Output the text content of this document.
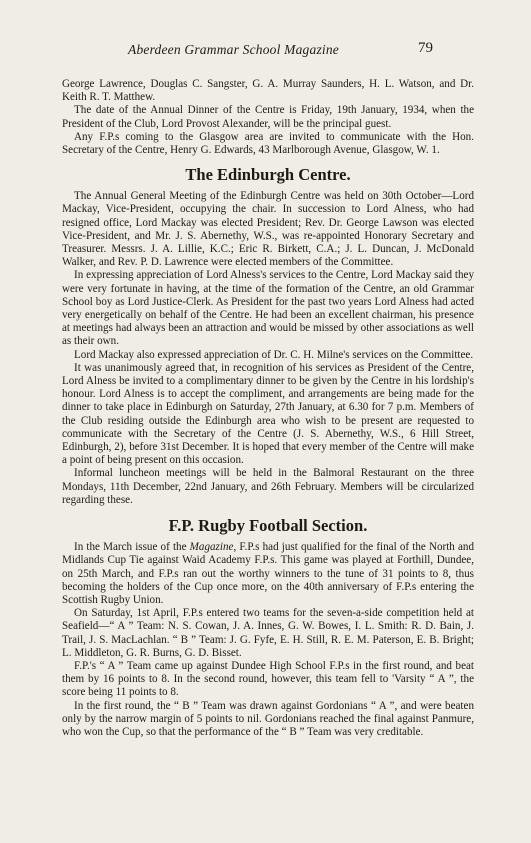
Aberdeen Grammar School Magazine	79

George Lawrence, Douglas C. Sangster, G. A. Murray Saunders, H. L. Watson, and Dr. Keith R. T. Matthew.

The date of the Annual Dinner of the Centre is Friday, 19th January, 1934, when the President of the Club, Lord Provost Alexander, will be the principal guest.

Any F.P.s coming to the Glasgow area are invited to communicate with the Hon. Secretary of the Centre, Henry G. Edwards, 43 Marlborough Avenue, Glasgow, W. 1.

The Edinburgh Centre.

The Annual General Meeting of the Edinburgh Centre was held on 30th October—Lord Mackay, Vice-President, occupying the chair. In succession to Lord Alness, who had resigned office, Lord Mackay was elected President; Rev. Dr. George Lawson was elected Vice-President, and Mr. J. S. Abernethy, W.S., was re-appointed Honorary Secretary and Treasurer. Messrs. J. A. Lillie, K.C.; Eric R. Birkett, C.A.; J. L. Duncan, J. McDonald Walker, and Rev. P. D. Lawrence were elected members of the Committee.

In expressing appreciation of Lord Alness's services to the Centre, Lord Mackay said they were very fortunate in having, at the time of the formation of the Centre, an old Grammar School boy as Lord Justice-Clerk. As President for the past two years Lord Alness had acted very energetically on behalf of the Centre. He had been an excellent chairman, his presence at meetings had always been an attraction and would be missed by other associations as well as their own.

Lord Mackay also expressed appreciation of Dr. C. H. Milne's services on the Committee.

It was unanimously agreed that, in recognition of his services as President of the Centre, Lord Alness be invited to a complimentary dinner to be given by the Centre in his lordship's honour. Lord Alness is to accept the compliment, and arrangements are being made for the dinner to take place in Edinburgh on Saturday, 27th January, at 6.30 for 7 p.m. Members of the Club residing outside the Edinburgh area who wish to be present are requested to communicate with the Secretary of the Centre (J. S. Abernethy, W.S., 6 Hill Street, Edinburgh, 2), before 31st December. It is hoped that every member of the Centre will make a point of being present on this occasion.

Informal luncheon meetings will be held in the Balmoral Restaurant on the three Mondays, 11th December, 22nd January, and 26th February. Members will be circularized regarding these.

F.P. Rugby Football Section.

In the March issue of the Magazine, F.P.s had just qualified for the final of the North and Midlands Cup Tie against Waid Academy F.P.s. This game was played at Forthill, Dundee, on 25th March, and F.P.s ran out the worthy winners to the tune of 31 points to 8, thus becoming the holders of the Cup once more, on the 40th anniversary of F.P.s entering the Scottish Rugby Union.

On Saturday, 1st April, F.P.s entered two teams for the seven-a-side competition held at Seafield—“ A ” Team: N. S. Cowan, J. A. Innes, G. W. Bowes, I. L. Smith: R. D. Bain, J. Trail, J. S. MacLachlan. “ B ” Team: J. G. Fyfe, E. H. Still, R. E. M. Paterson, E. B. Bright; L. Middleton, G. R. Burns, G. D. Bisset.

F.P.'s “ A ” Team came up against Dundee High School F.P.s in the first round, and beat them by 16 points to 8. In the second round, however, this team fell to 'Varsity “ A ”, the score being 11 points to 8.

In the first round, the “ B ” Team was drawn against Gordonians “ A ”, and were beaten only by the narrow margin of 5 points to nil. Gordonians reached the final against Panmure, who won the Cup, so that the performance of the “ B ” Team was very creditable.
